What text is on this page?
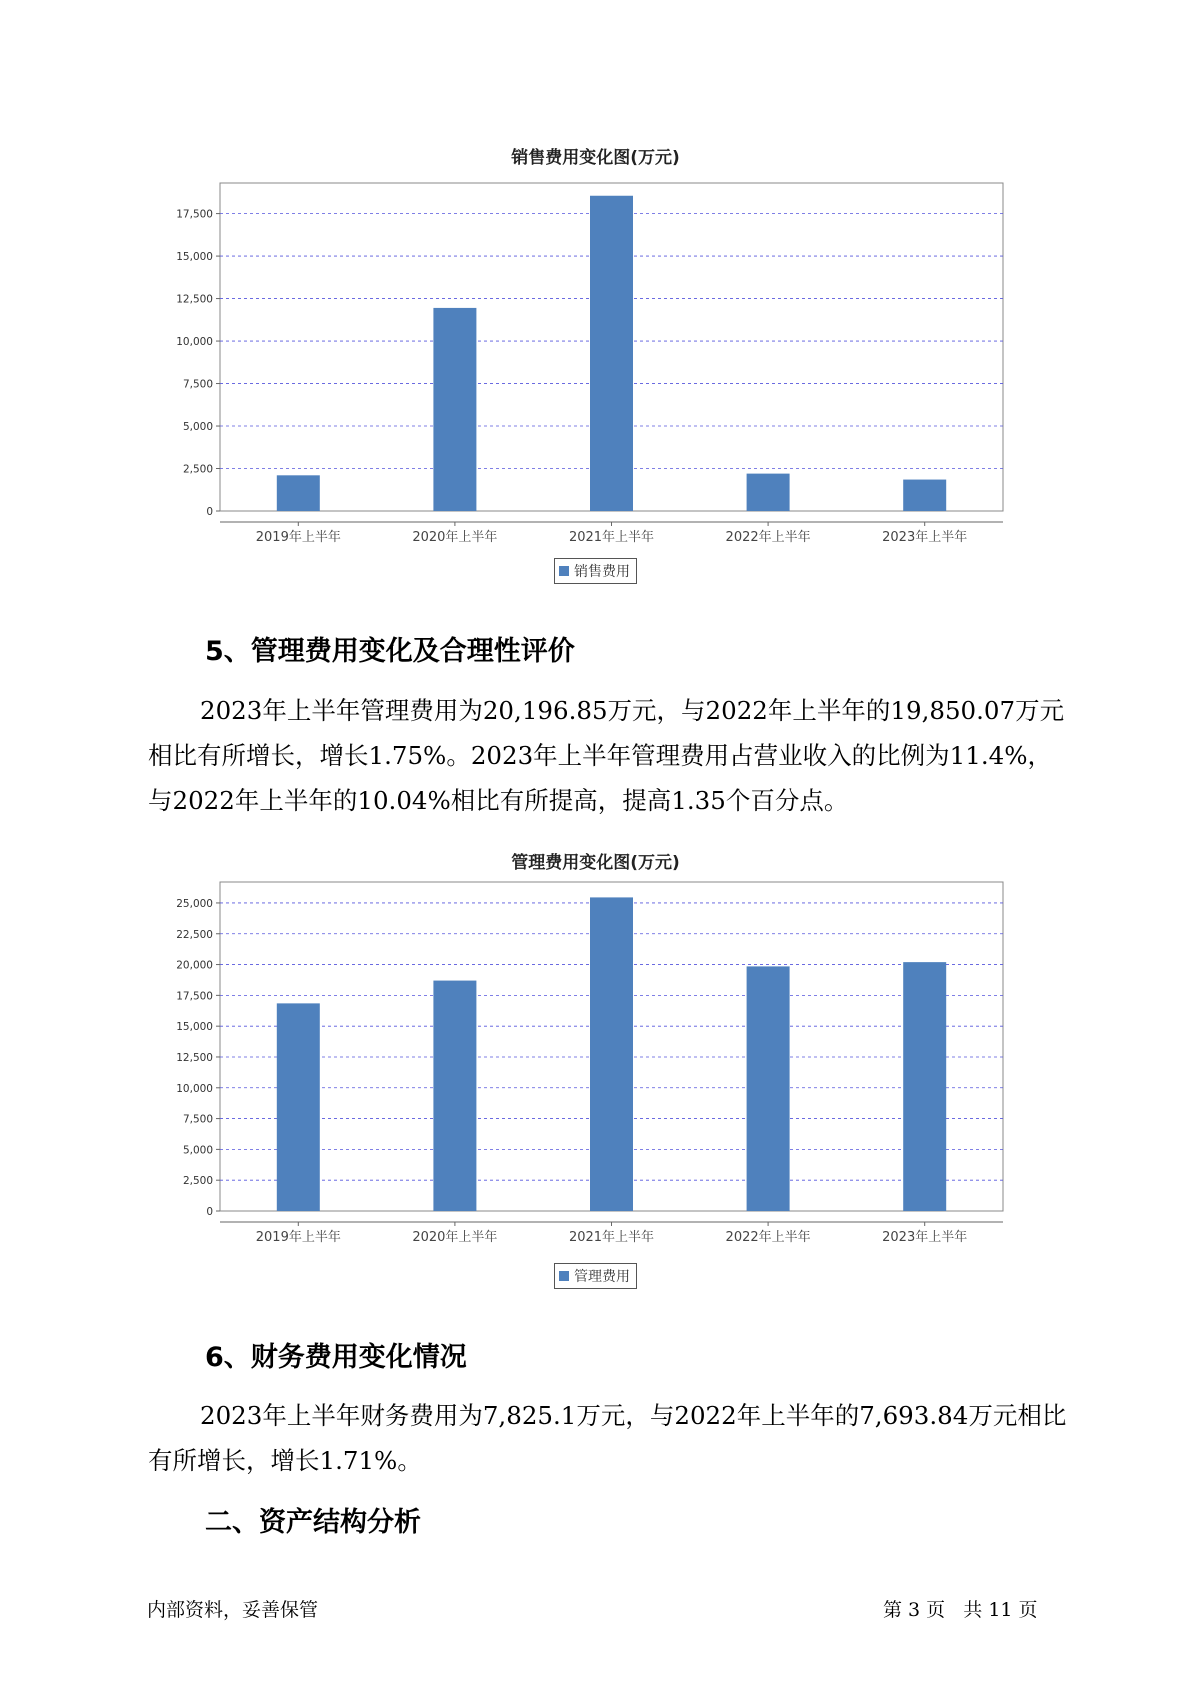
销售费用变化图(万元)
0
2,500
5,000
7,500
10,000
12,500
15,000
17,500
2019年上半年	2020年上半年	2021年上半年	2022年上半年	2023年上半年
销售费用
5、管理费用变化及合理性评价

2023年上半年管理费用为20,196.85万元，与2022年上半年的19,850.07万元相比有所增长，增长1.75%。2023年上半年管理费用占营业收入的比例为11.4%，与2022年上半年的10.04%相比有所提高，提高1.35个百分点。

管理费用变化图(万元)
0
2,500
5,000
7,500
10,000
12,500
15,000
17,500
20,000
22,500
25,000
2019年上半年	2020年上半年	2021年上半年	2022年上半年	2023年上半年
管理费用
6、财务费用变化情况

2023年上半年财务费用为7,825.1万元，与2022年上半年的7,693.84万元相比有所增长，增长1.71%。

二、资产结构分析
内部资料，妥善保管	第 3 页   共 11 页
